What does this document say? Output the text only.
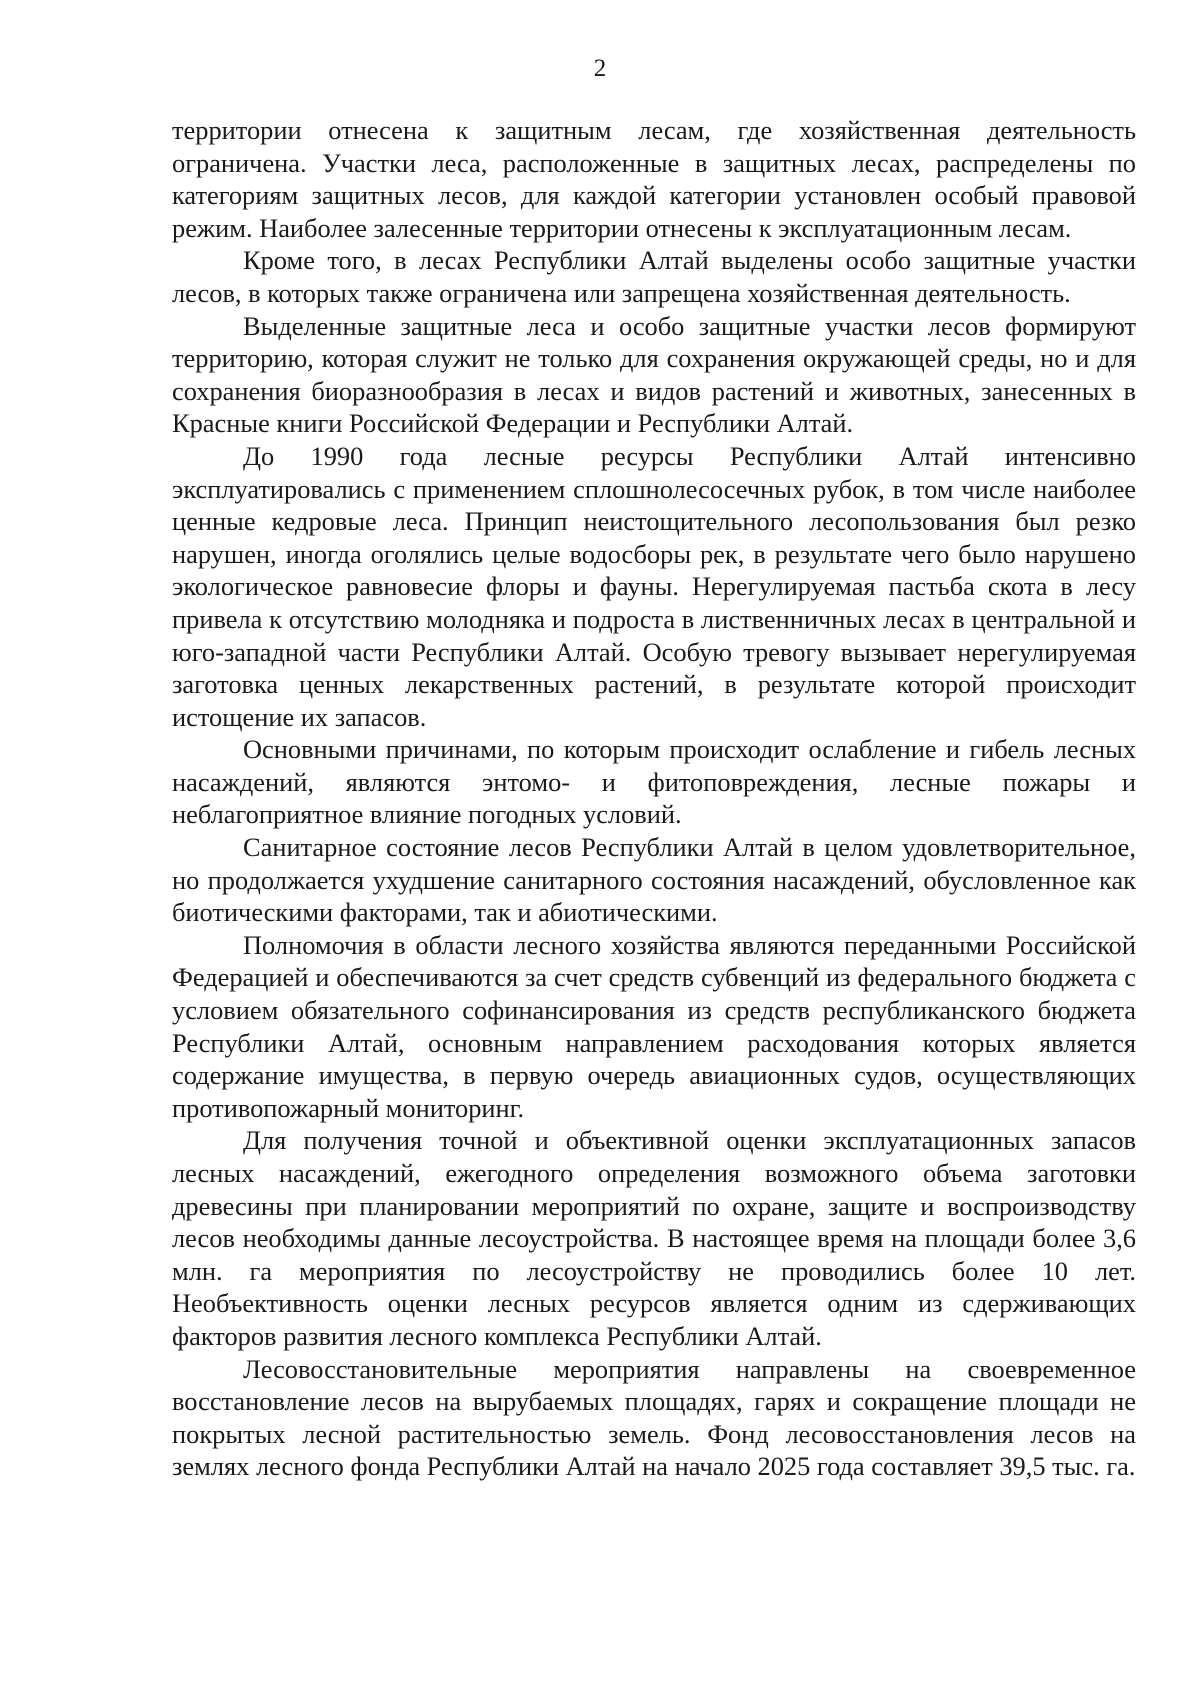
2

территории отнесена к защитным лесам, где хозяйственная деятельность ограничена. Участки леса, расположенные в защитных лесах, распределены по категориям защитных лесов, для каждой категории установлен особый правовой режим. Наиболее залесенные территории отнесены к эксплуатационным лесам.

Кроме того, в лесах Республики Алтай выделены особо защитные участки лесов, в которых также ограничена или запрещена хозяйственная деятельность.

Выделенные защитные леса и особо защитные участки лесов формируют территорию, которая служит не только для сохранения окружающей среды, но и для сохранения биоразнообразия в лесах и видов растений и животных, занесенных в Красные книги Российской Федерации и Республики Алтай.

До 1990 года лесные ресурсы Республики Алтай интенсивно эксплуатировались с применением сплошнолесосечных рубок, в том числе наиболее ценные кедровые леса. Принцип неистощительного лесопользования был резко нарушен, иногда оголялись целые водосборы рек, в результате чего было нарушено экологическое равновесие флоры и фауны. Нерегулируемая пастьба скота в лесу привела к отсутствию молодняка и подроста в лиственничных лесах в центральной и юго-западной части Республики Алтай. Особую тревогу вызывает нерегулируемая заготовка ценных лекарственных растений, в результате которой происходит истощение их запасов.

Основными причинами, по которым происходит ослабление и гибель лесных насаждений, являются энтомо- и фитоповреждения, лесные пожары и неблагоприятное влияние погодных условий.

Санитарное состояние лесов Республики Алтай в целом удовлетворительное, но продолжается ухудшение санитарного состояния насаждений, обусловленное как биотическими факторами, так и абиотическими.

Полномочия в области лесного хозяйства являются переданными Российской Федерацией и обеспечиваются за счет средств субвенций из федерального бюджета с условием обязательного софинансирования из средств республиканского бюджета Республики Алтай, основным направлением расходования которых является содержание имущества, в первую очередь авиационных судов, осуществляющих противопожарный мониторинг.

Для получения точной и объективной оценки эксплуатационных запасов лесных насаждений, ежегодного определения возможного объема заготовки древесины при планировании мероприятий по охране, защите и воспроизводству лесов необходимы данные лесоустройства. В настоящее время на площади более 3,6 млн. га мероприятия по лесоустройству не проводились более 10 лет. Необъективность оценки лесных ресурсов является одним из сдерживающих факторов развития лесного комплекса Республики Алтай.

Лесовосстановительные мероприятия направлены на своевременное восстановление лесов на вырубаемых площадях, гарях и сокращение площади не покрытых лесной растительностью земель. Фонд лесовосстановления лесов на землях лесного фонда Республики Алтай на начало 2025 года составляет 39,5 тыс. га.
